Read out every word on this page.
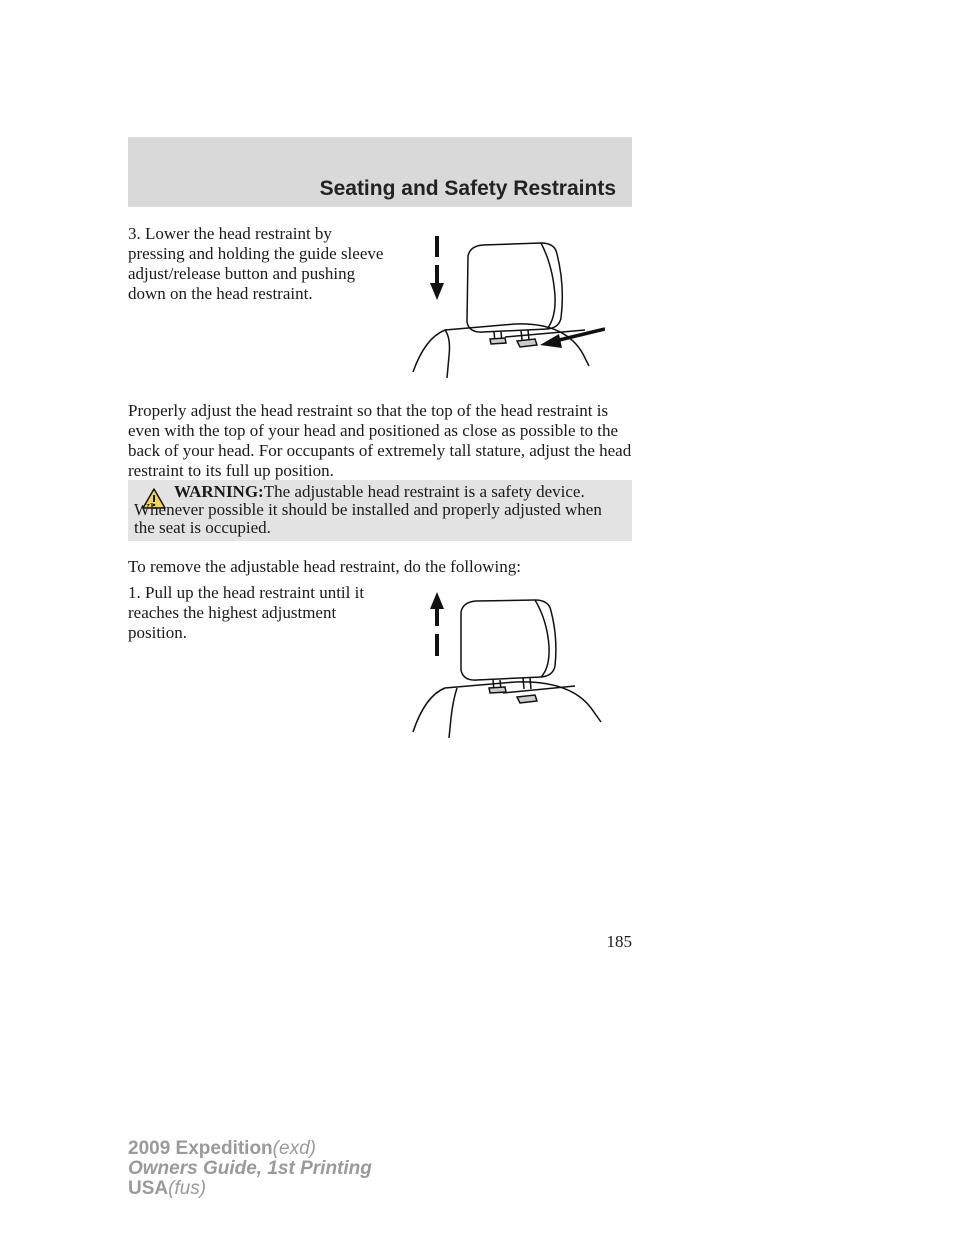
Seating and Safety Restraints

3. Lower the head restraint by pressing and holding the guide sleeve adjust/release button and pushing down on the head restraint.

Properly adjust the head restraint so that the top of the head restraint is even with the top of your head and positioned as close as possible to the back of your head. For occupants of extremely tall stature, adjust the head restraint to its full up position.

WARNING:The adjustable head restraint is a safety device. Whenever possible it should be installed and properly adjusted when the seat is occupied.

To remove the adjustable head restraint, do the following:

1. Pull up the head restraint until it reaches the highest adjustment position.

185
2009 Expedition(exd)
Owners Guide, 1st Printing
USA(fus)
